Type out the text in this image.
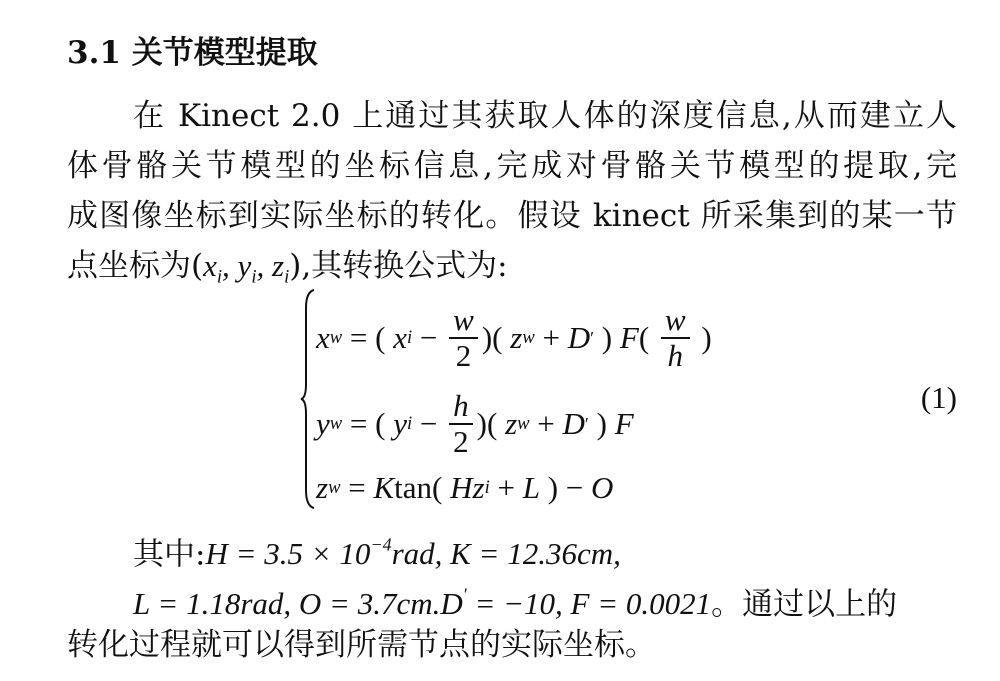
3.1 关节模型提取
在 Kinect 2.0 上通过其获取人体的深度信息,从而建立人
体骨骼关节模型的坐标信息,完成对骨骼关节模型的提取,完
成图像坐标到实际坐标的转化。假设 kinect 所采集到的某一节
点坐标为($x_i$, $y_i$, $z_i$),其转换公式为:
x w = ( x $i - \frac{w}{2}$ )( z w + D ′ ) F ( $\frac{w}{h}$ )
y w = ( y $i - \frac{h}{2}$ )( z w + D ′ ) F
z w = K tan( Hz i + L ) − O
(1)
其中:H = $3.5 \times 10^{-4}rad$, K = 12.36cm,
L = 1.18rad, O = 3.7cm.D′ = −10, F = 0.0021。通过以上的
转化过程就可以得到所需节点的实际坐标。
